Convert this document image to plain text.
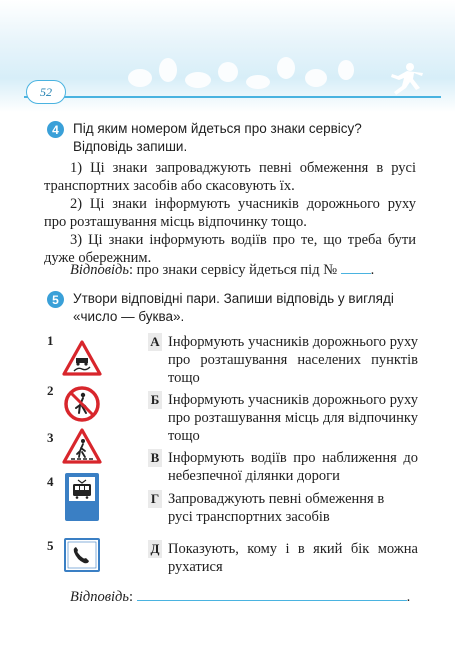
52
4	Під яким номером йдеться про знаки сервісу? Відповідь запиши.
1) Ці знаки запроваджують певні обмеження в русі транспортних засобів або скасовують їх.
2) Ці знаки інформують учасників дорожнього руху про розташування місць відпочинку тощо.
3) Ці знаки інформують водіїв про те, що треба бути дуже обережним.
Відповідь: про знаки сервісу йдеться під № .
5	Утвори відповідні пари. Запиши відповідь у вигляді «число — буква».
1
2
3
4
5
А Інформують учасників дорожнього руху про розташування населених пунктів тощо
Б Інформують учасників дорожнього руху про розташування місць для відпочинку тощо
В Інформують водіїв про наближення до небезпечної ділянки дороги
Г Запроваджують певні обмеження в русі транспортних засобів
Д Показують, кому і в який бік можна рухатися
Відповідь:	.
